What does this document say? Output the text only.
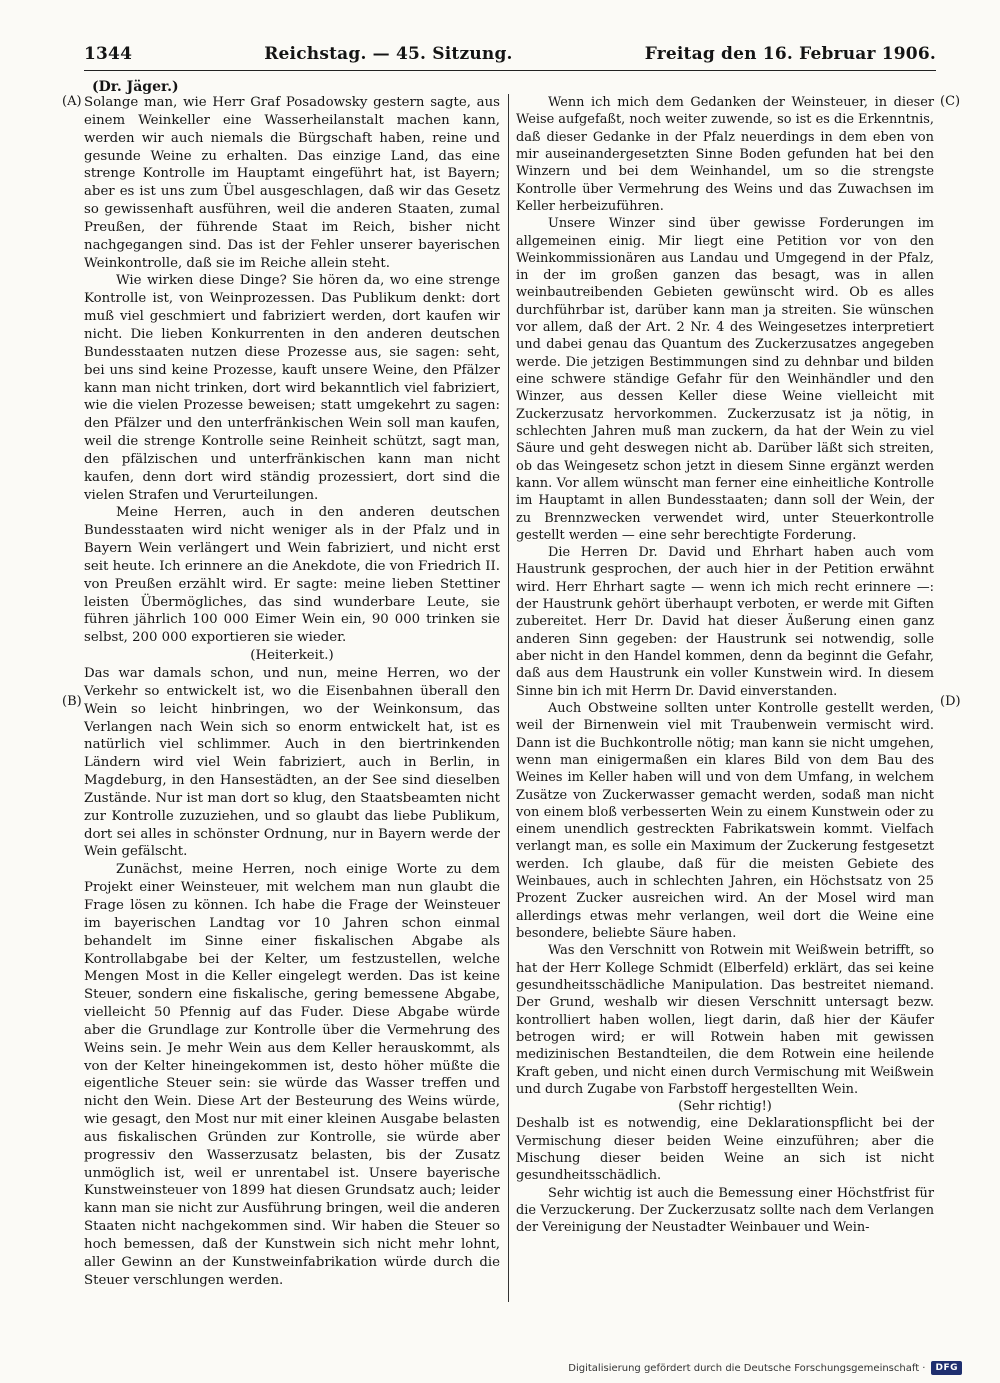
1344	Reichstag. — 45. Sitzung.	Freitag den 16. Februar 1906.
(Dr. Jäger.)
(A)
(B)
(C)
(D)

Solange man, wie Herr Graf Posadowsky gestern sagte, aus einem Weinkeller eine Wasserheilanstalt machen kann, werden wir auch niemals die Bürgschaft haben, reine und gesunde Weine zu erhalten. Das einzige Land, das eine strenge Kontrolle im Hauptamt eingeführt hat, ist Bayern; aber es ist uns zum Übel ausgeschlagen, daß wir das Gesetz so gewissenhaft ausführen, weil die anderen Staaten, zumal Preußen, der führende Staat im Reich, bisher nicht nachgegangen sind. Das ist der Fehler unserer bayerischen Weinkontrolle, daß sie im Reiche allein steht.

Wie wirken diese Dinge? Sie hören da, wo eine strenge Kontrolle ist, von Weinprozessen. Das Publikum denkt: dort muß viel geschmiert und fabriziert werden, dort kaufen wir nicht. Die lieben Konkurrenten in den anderen deutschen Bundesstaaten nutzen diese Prozesse aus, sie sagen: seht, bei uns sind keine Prozesse, kauft unsere Weine, den Pfälzer kann man nicht trinken, dort wird bekanntlich viel fabriziert, wie die vielen Prozesse beweisen; statt umgekehrt zu sagen: den Pfälzer und den unterfränkischen Wein soll man kaufen, weil die strenge Kontrolle seine Reinheit schützt, sagt man, den pfälzischen und unterfränkischen kann man nicht kaufen, denn dort wird ständig prozessiert, dort sind die vielen Strafen und Verurteilungen.

Meine Herren, auch in den anderen deutschen Bundesstaaten wird nicht weniger als in der Pfalz und in Bayern Wein verlängert und Wein fabriziert, und nicht erst seit heute. Ich erinnere an die Anekdote, die von Friedrich II. von Preußen erzählt wird. Er sagte: meine lieben Stettiner leisten Übermögliches, das sind wunderbare Leute, sie führen jährlich 100 000 Eimer Wein ein, 90 000 trinken sie selbst, 200 000 exportieren sie wieder.

(Heiterkeit.)

Das war damals schon, und nun, meine Herren, wo der Verkehr so entwickelt ist, wo die Eisenbahnen überall den Wein so leicht hinbringen, wo der Weinkonsum, das Verlangen nach Wein sich so enorm entwickelt hat, ist es natürlich viel schlimmer. Auch in den biertrinkenden Ländern wird viel Wein fabriziert, auch in Berlin, in Magdeburg, in den Hansestädten, an der See sind dieselben Zustände. Nur ist man dort so klug, den Staatsbeamten nicht zur Kontrolle zuzuziehen, und so glaubt das liebe Publikum, dort sei alles in schönster Ordnung, nur in Bayern werde der Wein gefälscht.

Zunächst, meine Herren, noch einige Worte zu dem Projekt einer Weinsteuer, mit welchem man nun glaubt die Frage lösen zu können. Ich habe die Frage der Weinsteuer im bayerischen Landtag vor 10 Jahren schon einmal behandelt im Sinne einer fiskalischen Abgabe als Kontrollabgabe bei der Kelter, um festzustellen, welche Mengen Most in die Keller eingelegt werden. Das ist keine Steuer, sondern eine fiskalische, gering bemessene Abgabe, vielleicht 50 Pfennig auf das Fuder. Diese Abgabe würde aber die Grundlage zur Kontrolle über die Vermehrung des Weins sein. Je mehr Wein aus dem Keller herauskommt, als von der Kelter hineingekommen ist, desto höher müßte die eigentliche Steuer sein: sie würde das Wasser treffen und nicht den Wein. Diese Art der Besteurung des Weins würde, wie gesagt, den Most nur mit einer kleinen Ausgabe belasten aus fiskalischen Gründen zur Kontrolle, sie würde aber progressiv den Wasserzusatz belasten, bis der Zusatz unmöglich ist, weil er unrentabel ist. Unsere bayerische Kunstweinsteuer von 1899 hat diesen Grundsatz auch; leider kann man sie nicht zur Ausführung bringen, weil die anderen Staaten nicht nachgekommen sind. Wir haben die Steuer so hoch bemessen, daß der Kunstwein sich nicht mehr lohnt, aller Gewinn an der Kunstweinfabrikation würde durch die Steuer verschlungen werden.

Wenn ich mich dem Gedanken der Weinsteuer, in dieser Weise aufgefaßt, noch weiter zuwende, so ist es die Erkenntnis, daß dieser Gedanke in der Pfalz neuerdings in dem eben von mir auseinandergesetzten Sinne Boden gefunden hat bei den Winzern und bei dem Weinhandel, um so die strengste Kontrolle über Vermehrung des Weins und das Zuwachsen im Keller herbeizuführen.

Unsere Winzer sind über gewisse Forderungen im allgemeinen einig. Mir liegt eine Petition vor von den Weinkommissionären aus Landau und Umgegend in der Pfalz, in der im großen ganzen das besagt, was in allen weinbautreibenden Gebieten gewünscht wird. Ob es alles durchführbar ist, darüber kann man ja streiten. Sie wünschen vor allem, daß der Art. 2 Nr. 4 des Weingesetzes interpretiert und dabei genau das Quantum des Zuckerzusatzes angegeben werde. Die jetzigen Bestimmungen sind zu dehnbar und bilden eine schwere ständige Gefahr für den Weinhändler und den Winzer, aus dessen Keller diese Weine vielleicht mit Zuckerzusatz hervorkommen. Zuckerzusatz ist ja nötig, in schlechten Jahren muß man zuckern, da hat der Wein zu viel Säure und geht deswegen nicht ab. Darüber läßt sich streiten, ob das Weingesetz schon jetzt in diesem Sinne ergänzt werden kann. Vor allem wünscht man ferner eine einheitliche Kontrolle im Hauptamt in allen Bundesstaaten; dann soll der Wein, der zu Brennzwecken verwendet wird, unter Steuerkontrolle gestellt werden — eine sehr berechtigte Forderung.

Die Herren Dr. David und Ehrhart haben auch vom Haustrunk gesprochen, der auch hier in der Petition erwähnt wird. Herr Ehrhart sagte — wenn ich mich recht erinnere —: der Haustrunk gehört überhaupt verboten, er werde mit Giften zubereitet. Herr Dr. David hat dieser Äußerung einen ganz anderen Sinn gegeben: der Haustrunk sei notwendig, solle aber nicht in den Handel kommen, denn da beginnt die Gefahr, daß aus dem Haustrunk ein voller Kunstwein wird. In diesem Sinne bin ich mit Herrn Dr. David einverstanden.

Auch Obstweine sollten unter Kontrolle gestellt werden, weil der Birnenwein viel mit Traubenwein vermischt wird. Dann ist die Buchkontrolle nötig; man kann sie nicht umgehen, wenn man einigermaßen ein klares Bild von dem Bau des Weines im Keller haben will und von dem Umfang, in welchem Zusätze von Zuckerwasser gemacht werden, sodaß man nicht von einem bloß verbesserten Wein zu einem Kunstwein oder zu einem unendlich gestreckten Fabrikatswein kommt. Vielfach verlangt man, es solle ein Maximum der Zuckerung festgesetzt werden. Ich glaube, daß für die meisten Gebiete des Weinbaues, auch in schlechten Jahren, ein Höchstsatz von 25 Prozent Zucker ausreichen wird. An der Mosel wird man allerdings etwas mehr verlangen, weil dort die Weine eine besondere, beliebte Säure haben.

Was den Verschnitt von Rotwein mit Weißwein betrifft, so hat der Herr Kollege Schmidt (Elberfeld) erklärt, das sei keine gesundheitsschädliche Manipulation. Das bestreitet niemand. Der Grund, weshalb wir diesen Verschnitt untersagt bezw. kontrolliert haben wollen, liegt darin, daß hier der Käufer betrogen wird; er will Rotwein haben mit gewissen medizinischen Bestandteilen, die dem Rotwein eine heilende Kraft geben, und nicht einen durch Vermischung mit Weißwein und durch Zugabe von Farbstoff hergestellten Wein.

(Sehr richtig!)

Deshalb ist es notwendig, eine Deklarationspflicht bei der Vermischung dieser beiden Weine einzuführen; aber die Mischung dieser beiden Weine an sich ist nicht gesundheitsschädlich.

Sehr wichtig ist auch die Bemessung einer Höchstfrist für die Verzuckerung. Der Zuckerzusatz sollte nach dem Verlangen der Vereinigung der Neustadter Weinbauer und Wein-

Digitalisierung gefördert durch die Deutsche Forschungsgemeinschaft ·	DFG
